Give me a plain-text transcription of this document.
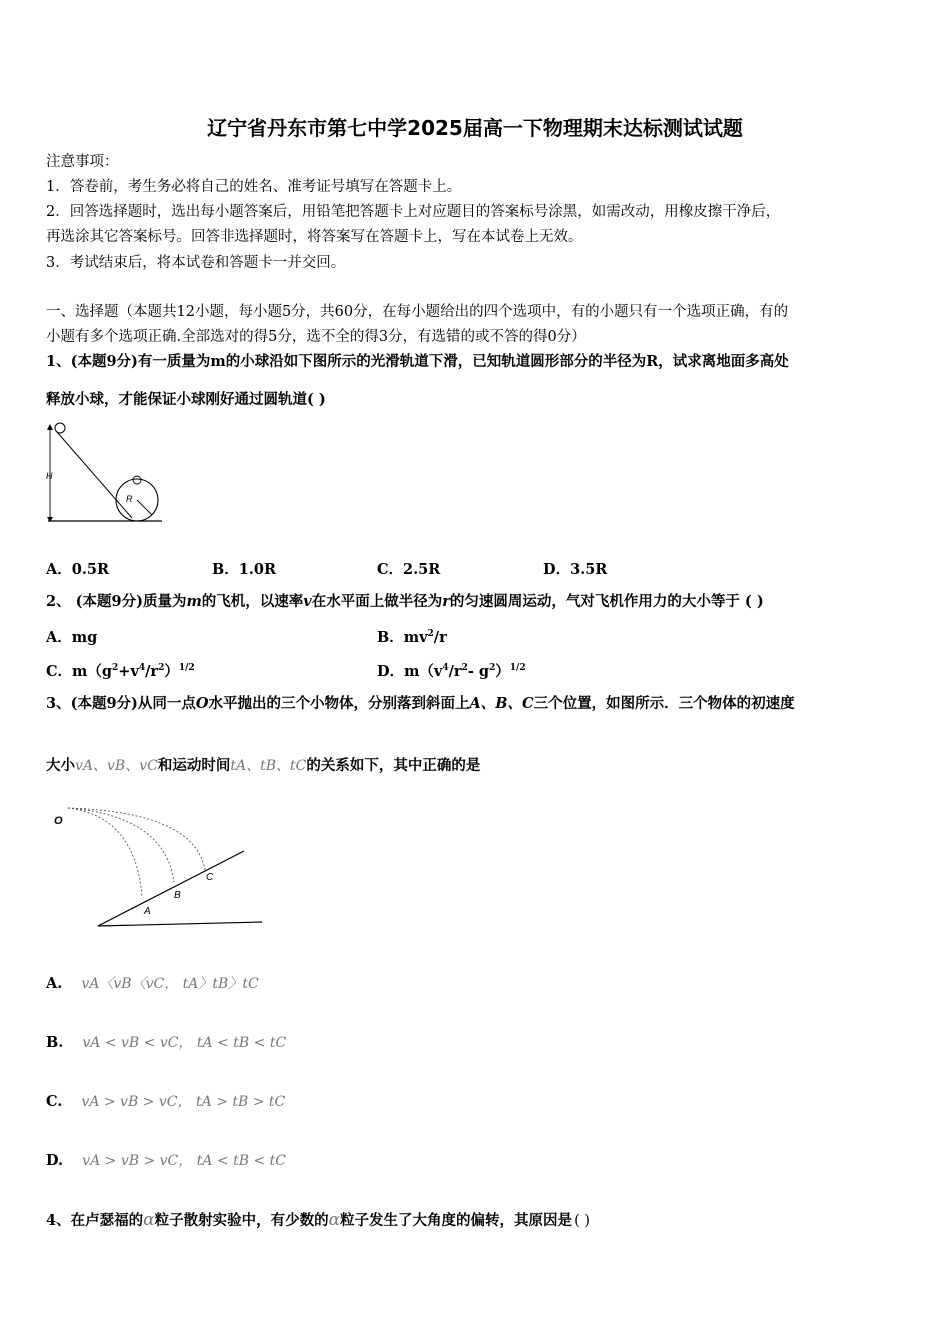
辽宁省丹东市第七中学2025届高一下物理期末达标测试试题
注意事项：
1．答卷前，考生务必将自己的姓名、准考证号填写在答题卡上。
2．回答选择题时，选出每小题答案后，用铅笔把答题卡上对应题目的答案标号涂黑，如需改动，用橡皮擦干净后，
再选涂其它答案标号。回答非选择题时，将答案写在答题卡上，写在本试卷上无效。
3．考试结束后，将本试卷和答题卡一并交回。
一、选择题（本题共12小题，每小题5分，共60分，在每小题给出的四个选项中，有的小题只有一个选项正确，有的
小题有多个选项正确.全部选对的得5分，选不全的得3分，有选错的或不答的得0分）
1、(本题9分)有一质量为m的小球沿如下图所示的光滑轨道下滑，已知轨道圆形部分的半径为R，试求离地面多高处
释放小球，才能保证小球刚好通过圆轨道( )
H
R
A．0.5R	B．1.0R	C．2.5R	D．3.5R
2、 (本题9分)质量为m的飞机，以速率v在水平面上做半径为r的匀速圆周运动，气对飞机作用力的大小等于 ( )
A．mg	B．$mv^2/r$
C．$m(g^2+v^4/r^2)^{1/2}$	D．$m(v^4/r^2-$ $g^2)^{1/2}$
3、(本题9分)从同一点O水平抛出的三个小物体，分别落到斜面上A、B、C三个位置，如图所示．三个物体的初速度
大小vA、vB、vC和运动时间tA、tB、tC的关系如下，其中正确的是
O
A
B
C
A. vA〈vB〈vC， tA〉tB〉tC
B. vA < vB < vC， tA < tB < tC
C. vA > vB > vC， tA > tB > tC
D. vA > vB > vC， tA < tB < tC
4、在卢瑟福的α粒子散射实验中，有少数的α粒子发生了大角度的偏转，其原因是 ( )
